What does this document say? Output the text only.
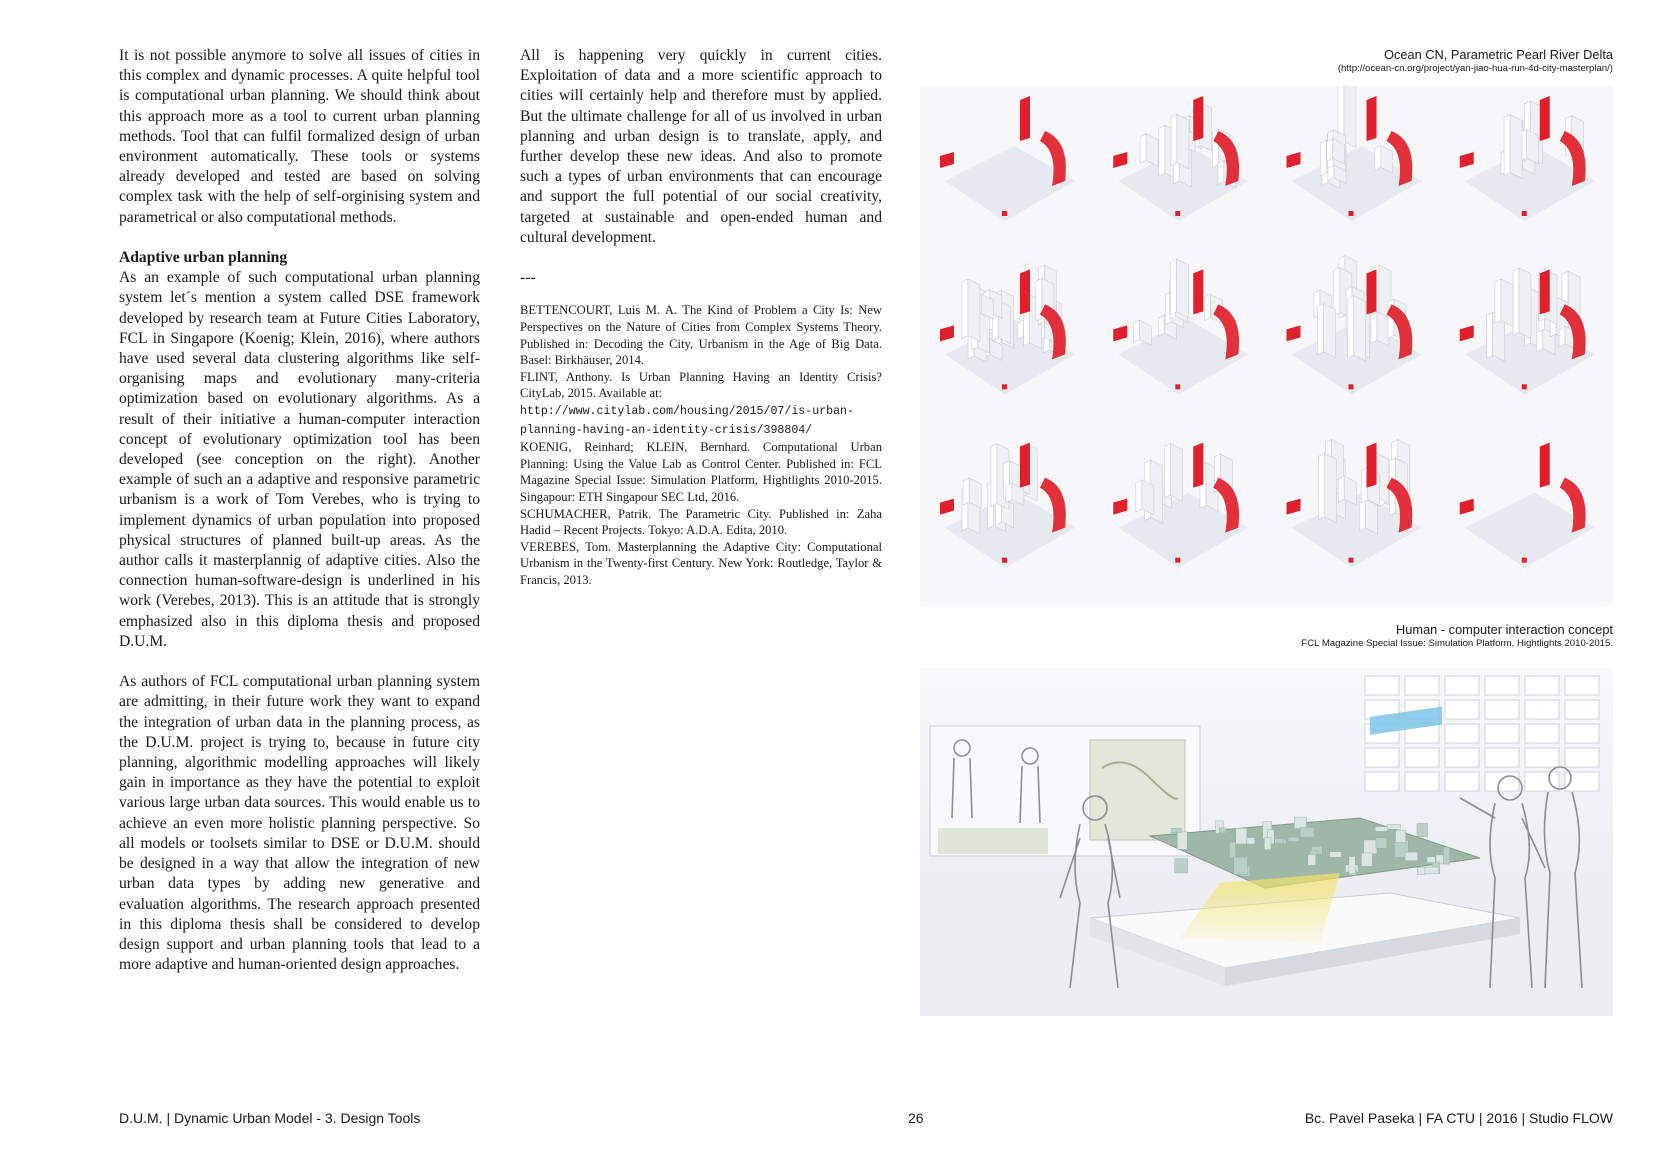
It is not possible anymore to solve all issues of cities in this complex and dynamic processes. A quite helpful tool is computational urban planning. We should think about this approach more as a tool to current urban planning methods. Tool that can fulfil formalized design of urban environment automatically. These tools or systems already developed and tested are based on solving complex task with the help of self-orginising system and parametrical or also computational methods.

Adaptive urban planning

As an example of such computational urban planning system let´s mention a system called DSE framework developed by research team at Future Cities Laboratory, FCL in Singapore (Koenig; Klein, 2016), where authors have used several data clustering algorithms like self-organising maps and evolutionary many-criteria optimization based on evolutionary algorithms. As a result of their initiative a human-computer interaction concept of evolutionary optimization tool has been developed (see conception on the right). Another example of such an a adaptive and responsive parametric urbanism is a work of Tom Verebes, who is trying to implement dynamics of urban population into proposed physical structures of planned built-up areas. As the author calls it masterplannig of adaptive cities. Also the connection human-software-design is underlined in his work (Verebes, 2013). This is an attitude that is strongly emphasized also in this diploma thesis and proposed D.U.M.

As authors of FCL computational urban planning system are admitting, in their future work they want to expand the integration of urban data in the planning process, as the D.U.M. project is trying to, because in future city planning, algorithmic modelling approaches will likely gain in importance as they have the potential to exploit various large urban data sources. This would enable us to achieve an even more holistic planning perspective. So all models or toolsets similar to DSE or D.U.M. should be designed in a way that allow the integration of new urban data types by adding new generative and evaluation algorithms. The research approach presented in this diploma thesis shall be considered to develop design support and urban planning tools that lead to a more adaptive and human-oriented design approaches.

All is happening very quickly in current cities. Exploitation of data and a more scientific approach to cities will certainly help and therefore must by applied. But the ultimate challenge for all of us involved in urban planning and urban design is to translate, apply, and further develop these new ideas. And also to promote such a types of urban environments that can encourage and support the full potential of our social creativity, targeted at sustainable and open-ended human and cultural development.

---

BETTENCOURT, Luis M. A. The Kind of Problem a City Is: New Perspectives on the Nature of Cities from Complex Systems Theory. Published in: Decoding the City, Urbanism in the Age of Big Data. Basel: Birkhäuser, 2014.

FLINT, Anthony. Is Urban Planning Having an Identity Crisis? CityLab, 2015. Available at:
http://www.citylab.com/housing/2015/07/is-urban-planning-having-an-identity-crisis/398804/

KOENIG, Reinhard; KLEIN, Bernhard. Computational Urban Planning: Using the Value Lab as Control Center. Published in: FCL Magazine Special Issue: Simulation Platform, Hightlights 2010-2015. Singapour: ETH Singapour SEC Ltd, 2016.

SCHUMACHER, Patrik. The Parametric City. Published in: Zaha Hadid – Recent Projects. Tokyo: A.D.A. Edita, 2010.

VEREBES, Tom. Masterplanning the Adaptive City: Computational Urbanism in the Twenty-first Century. New York: Routledge, Taylor & Francis, 2013.

Ocean CN, Parametric Pearl River Delta
(http://ocean-cn.org/project/yan-jiao-hua-run-4d-city-masterplan/)
Human - computer interaction concept
FCL Magazine Special Issue: Simulation Platform, Hightlights 2010-2015.
D.U.M. | Dynamic Urban Model - 3. Design Tools	26	Bc. Pavel Paseka | FA CTU | 2016 | Studio FLOW
